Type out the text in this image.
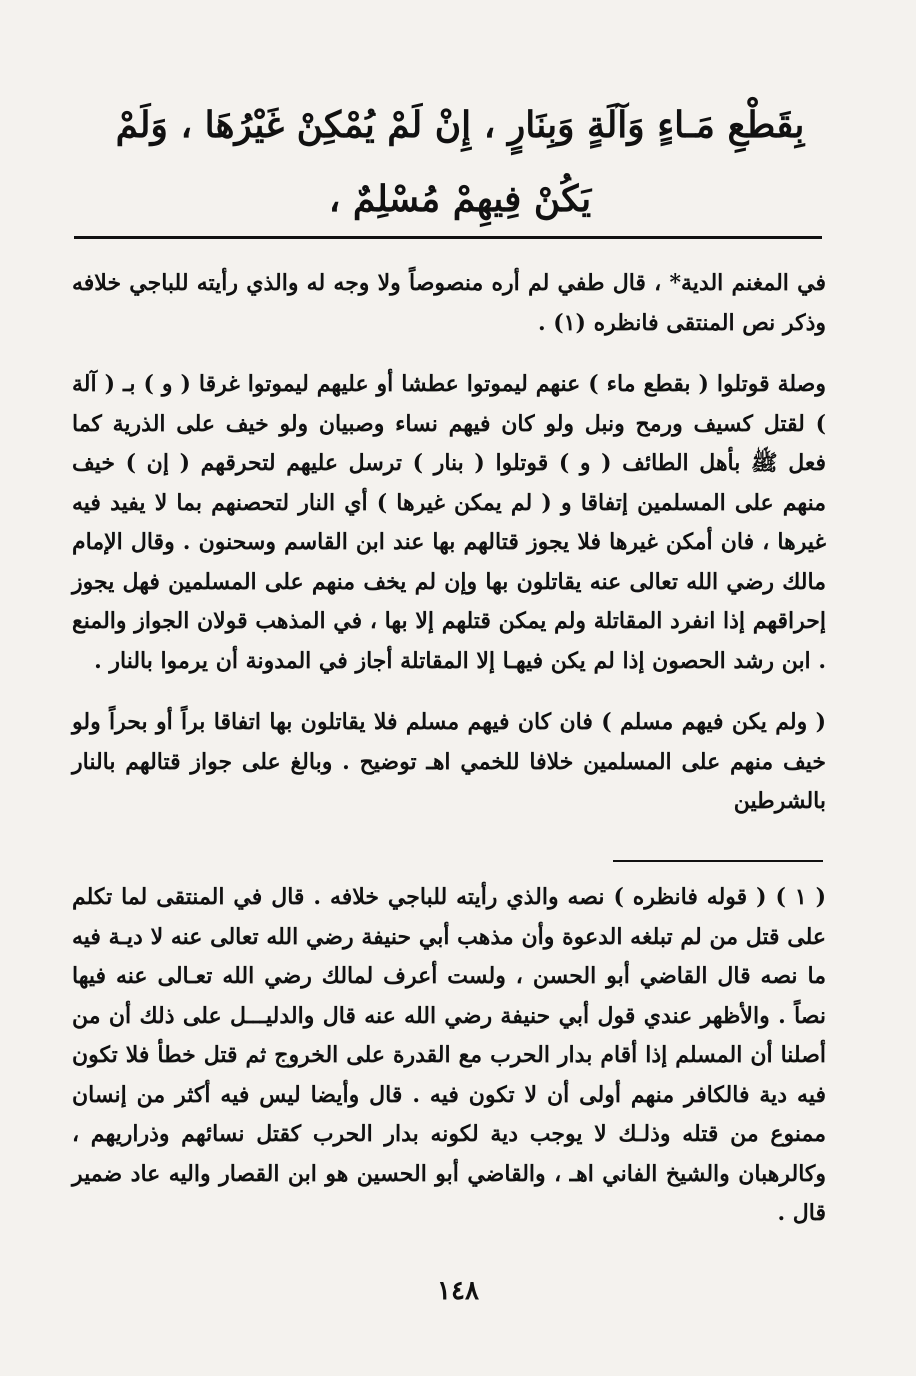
بِقَطْعِ مَـاءٍ وَآلَةٍ وَبِنَارٍ ، إِنْ لَمْ يُمْكِنْ غَيْرُهَا ، وَلَمْ
يَكُنْ فِيهِمْ مُسْلِمٌ ،

في المغنم الدية* ، قال طفي لم أره منصوصاً ولا وجه له والذي رأيته للباجي خلافه وذكر نص المنتقى فانظره (١) .

وصلة قوتلوا ( بقطع ماء ) عنهم ليموتوا عطشا أو عليهم ليموتوا غرقا ( و ) بـ ( آلة ) لقتل كسيف ورمح ونبل ولو كان فيهم نساء وصبيان ولو خيف على الذرية كما فعل ﷺ بأهل الطائف ( و ) قوتلوا ( بنار ) ترسل عليهم لتحرقهم ( إن ) خيف منهم على المسلمين إتفاقا و ( لم يمكن غيرها ) أي النار لتحصنهم بما لا يفيد فيه غيرها ، فان أمكن غيرها فلا يجوز قتالهم بها عند ابن القاسم وسحنون . وقال الإمام مالك رضي الله تعالى عنه يقاتلون بها وإن لم يخف منهم على المسلمين فهل يجوز إحراقهم إذا انفرد المقاتلة ولم يمكن قتلهم إلا بها ، في المذهب قولان الجواز والمنع . ابن رشد الحصون إذا لم يكن فيهـا إلا المقاتلة أجاز في المدونة أن يرموا بالنار .

( ولم يكن فيهم مسلم ) فان كان فيهم مسلم فلا يقاتلون بها اتفاقا براً أو بحراً ولو خيف منهم على المسلمين خلافا للخمي اهـ توضيح . وبالغ على جواز قتالهم بالنار بالشرطين

( ١ ) ( قوله فانظره ) نصه والذي رأيته للباجي خلافه . قال في المنتقى لما تكلم على قتل من لم تبلغه الدعوة وأن مذهب أبي حنيفة رضي الله تعالى عنه لا ديـة فيه ما نصه قال القاضي أبو الحسن ، ولست أعرف لمالك رضي الله تعـالى عنه فيها نصاً . والأظهر عندي قول أبي حنيفة رضي الله عنه قال والدليـــل على ذلك أن من أصلنا أن المسلم إذا أقام بدار الحرب مع القدرة على الخروج ثم قتل خطأ فلا تكون فيه دية فالكافر منهم أولى أن لا تكون فيه . قال وأيضا ليس فيه أكثر من إنسان ممنوع من قتله وذلـك لا يوجب دية لكونه بدار الحرب كقتل نسائهم وذراريهم ، وكالرهبان والشيخ الفاني اهـ ، والقاضي أبو الحسين هو ابن القصار واليه عاد ضمير قال .

١٤٨
